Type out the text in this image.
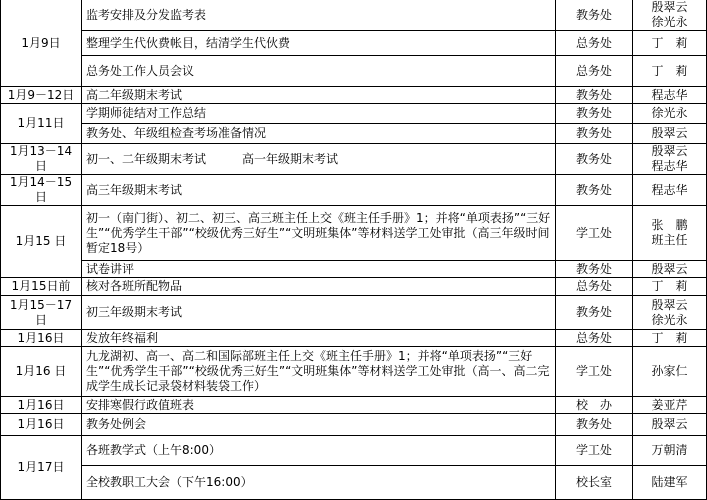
1月9日	监考安排及分发监考表	教务处	殷翠云
徐光永
	整理学生代伙费帐目，结清学生代伙费	总务处	丁　莉
	总务处工作人员会议	总务处	丁　莉
1月9－12日	高二年级期末考试	教务处	程志华
1月11日	学期师徒结对工作总结	教务处	徐光永
	教务处、年级组检查考场准备情况	教务处	殷翠云
1月13－14日	初一、二年级期末考试　　　高一年级期末考试	教务处	殷翠云
程志华
1月14－15日	高三年级期末考试	教务处	程志华
1月15 日	初一（南门街）、初二、初三、高三班主任上交《班主任手册》1；并将“单项表扬”“三好生”“优秀学生干部”“校级优秀三好生”“文明班集体”等材料送学工处审批（高三年级时间暂定18号）	学工处	张　鹏
班主任
	试卷讲评	教务处	殷翠云
1月15日前	核对各班所配物品	总务处	丁　莉
1月15－17日	初三年级期末考试	教务处	殷翠云
徐光永
1月16日	发放年终福利	总务处	丁　莉
1月16 日	九龙湖初、高一、高二和国际部班主任上交《班主任手册》1；并将“单项表扬”“三好生”“优秀学生干部”“校级优秀三好生”“文明班集体”等材料送学工处审批（高一、高二完成学生成长记录袋材料装袋工作）	学工处	孙家仁
1月16日	安排寒假行政值班表	校　办	姜亚芹
1月16日	教务处例会	教务处	殷翠云
1月17日	各班教学式（上午8:00）	学工处	万朝清
	全校教职工大会（下午16:00）	校长室	陆建军
